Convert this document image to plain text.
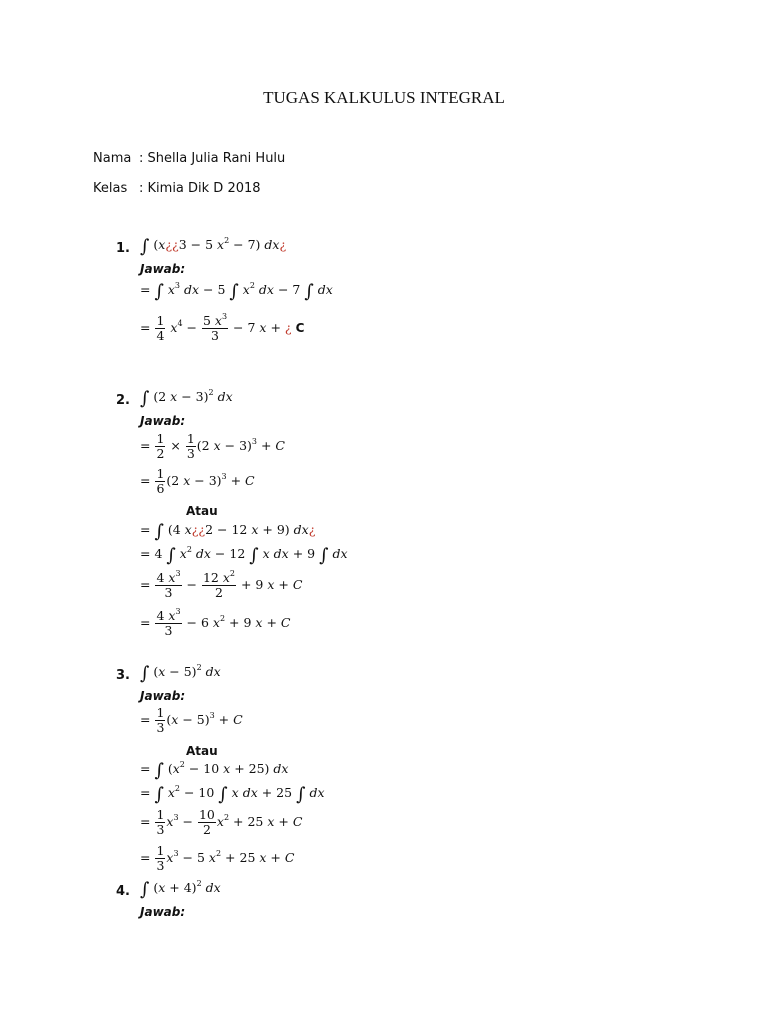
TUGAS KALKULUS INTEGRAL
Nama : Shella Julia Rani Hulu
Kelas : Kimia Dik D 2018
1. ∫ (x¿¿3 − 5 $x^2 - 7$) dx¿
Jawab:
= ∫ $x^3$ dx − 5 ∫ $x^2$ dx − 7 ∫ dx
= $\frac{1}{4} x^4 - \frac{5 x^3}{3} - 7$ x + ¿ C
2. ∫ (2 x − 3)$^2$ dx
Jawab:
= $\frac{1}{2} \times \frac{1}{3} (2$ x − 3)$^3$ + C
= $\frac{1}{6} (2$ x − 3)$^3$ + C
Atau
= ∫ (4 x¿¿2 − 12 x + 9) dx¿
= 4 ∫ $x^2$ dx − 12 ∫ x dx + 9 ∫ dx
= $\frac{4 x^3}{3} - \frac{12 x^2}{2} + 9$ x + C
= $\frac{4 x^3}{3} - 6$ $x^2 + 9$ x + C
3. ∫ $(x - 5)^2$ dx
Jawab:
= $\frac{1}{3} (x - 5)^3 + C$
Atau
= ∫ ($x^2 - 10$ x + 25) dx
= ∫ $x^2 - 10$ ∫ x dx + 25 ∫ dx
= $\frac{1}{3} x^3 - \frac{10}{2} x^2 + 25$ x + C
= $\frac{1}{3} x^3 - 5$ $x^2 + 25$ x + C
4. ∫ $(x + 4)^2$ dx
Jawab:
